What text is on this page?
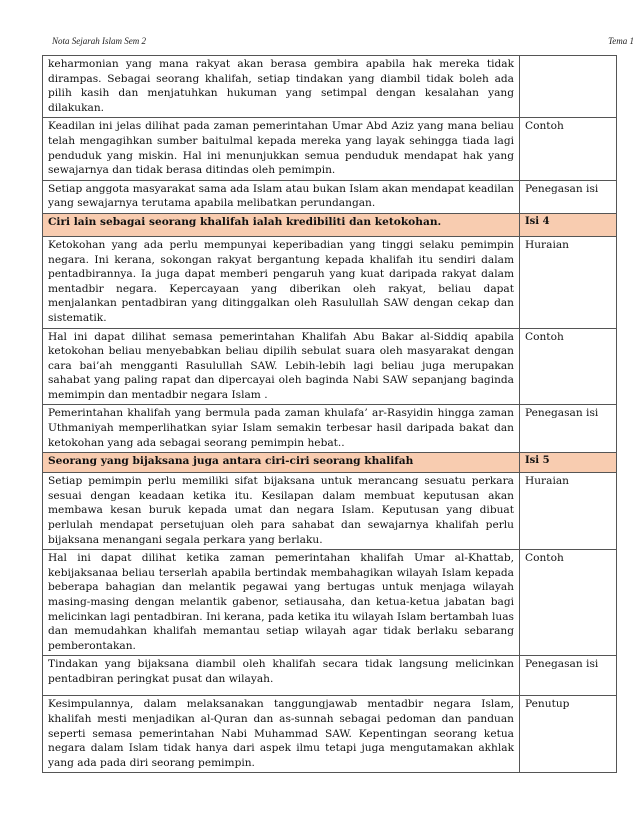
Nota Sejarah Islam Sem 2	Tema 1
keharmonian yang mana rakyat akan berasa gembira apabila hak mereka tidak dirampas. Sebagai seorang khalifah, setiap tindakan yang diambil tidak boleh ada pilih kasih dan menjatuhkan hukuman yang setimpal dengan kesalahan yang dilakukan.	
Keadilan ini jelas dilihat pada zaman pemerintahan Umar Abd Aziz yang mana beliau telah mengagihkan sumber baitulmal kepada mereka yang layak sehingga tiada lagi penduduk yang miskin. Hal ini menunjukkan semua penduduk mendapat hak yang sewajarnya dan tidak berasa ditindas oleh pemimpin.	Contoh
Setiap anggota masyarakat sama ada Islam atau bukan Islam akan mendapat keadilan yang sewajarnya terutama apabila melibatkan perundangan.	Penegasan isi
Ciri lain sebagai seorang khalifah ialah kredibiliti dan ketokohan.	Isi 4
Ketokohan yang ada perlu mempunyai keperibadian yang tinggi selaku pemimpin negara. Ini kerana, sokongan rakyat bergantung kepada khalifah itu sendiri dalam pentadbirannya. Ia juga dapat memberi pengaruh yang kuat daripada rakyat dalam mentadbir negara. Kepercayaan yang diberikan oleh rakyat, beliau dapat menjalankan pentadbiran yang ditinggalkan oleh Rasulullah SAW dengan cekap dan sistematik.	Huraian
Hal ini dapat dilihat semasa pemerintahan Khalifah Abu Bakar al-Siddiq apabila ketokohan beliau menyebabkan beliau dipilih sebulat suara oleh masyarakat dengan cara bai’ah mengganti Rasulullah SAW. Lebih-lebih lagi beliau juga merupakan sahabat yang paling rapat dan dipercayai oleh baginda Nabi SAW sepanjang baginda memimpin dan mentadbir negara Islam .	Contoh
Pemerintahan khalifah yang bermula pada zaman khulafa’ ar-Rasyidin hingga zaman Uthmaniyah memperlihatkan syiar Islam semakin terbesar hasil daripada bakat dan ketokohan yang ada sebagai seorang pemimpin hebat..	Penegasan isi
Seorang yang bijaksana juga antara ciri-ciri seorang khalifah	Isi 5
Setiap pemimpin perlu memiliki sifat bijaksana untuk merancang sesuatu perkara sesuai dengan keadaan ketika itu. Kesilapan dalam membuat keputusan akan membawa kesan buruk kepada umat dan negara Islam. Keputusan yang dibuat perlulah mendapat persetujuan oleh para sahabat dan sewajarnya khalifah perlu bijaksana menangani segala perkara yang berlaku.	Huraian
Hal ini dapat dilihat ketika zaman pemerintahan khalifah Umar al-Khattab, kebijaksanaa beliau terserlah apabila bertindak membahagikan wilayah Islam kepada beberapa bahagian dan melantik pegawai yang bertugas untuk menjaga wilayah masing-masing dengan melantik gabenor, setiausaha, dan ketua-ketua jabatan bagi melicinkan lagi pentadbiran. Ini kerana, pada ketika itu wilayah Islam bertambah luas dan memudahkan khalifah memantau setiap wilayah agar tidak berlaku sebarang pemberontakan.	Contoh
Tindakan yang bijaksana diambil oleh khalifah secara tidak langsung melicinkan pentadbiran peringkat pusat dan wilayah.	Penegasan isi
Kesimpulannya, dalam melaksanakan tanggungjawab mentadbir negara Islam, khalifah mesti menjadikan al-Quran dan as-sunnah sebagai pedoman dan panduan seperti semasa pemerintahan Nabi Muhammad SAW. Kepentingan seorang ketua negara dalam Islam tidak hanya dari aspek ilmu tetapi juga mengutamakan akhlak yang ada pada diri seorang pemimpin.	Penutup
